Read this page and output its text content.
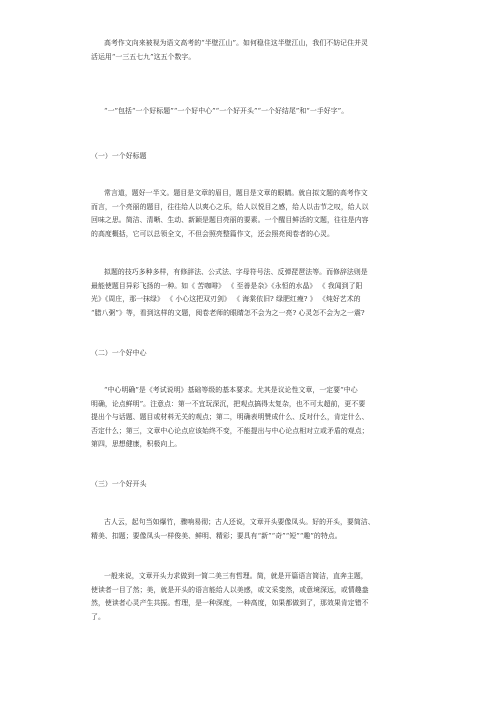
高考作文向来被视为语文高考的“半壁江山”。如何稳住这半壁江山，我们不妨记住并灵
活运用“一三五七九”这五个数字。
“一”包括“一个好标题”“一个好中心”“一个好开头”“一个好结尾”和“一手好字”。
（一）一个好标题
常言道，题好一半文。题目是文章的眉目，题目是文章的眼睛。就自拟文题的高考作文
而言，一个亮丽的题目，往往给人以爽心之乐，给人以悦目之感，给人以击节之叹，给人以
回味之思。简洁、清晰、生动、新颖是题目亮丽的要素。一个醒目鲜活的文题，往往是内容
的高度概括，它可以总领全文，不但会照亮整篇作文，还会照亮阅卷者的心灵。
拟题的技巧多种多样，有修辞法、公式法、字母符号法、反弹琵琶法等。而修辞法则是
最能使题目异彩飞扬的一种。如《 苦咖啡》 《 至善是杂》《永恒的水晶》 《 我闻到了阳
光》《周庄，那一抹绿》 《 小心这把双刃剑》 《 海棠依旧? 绿肥红瘦? 》 《炖好艺术的
“腊八粥”》等，看到这样的文题，阅卷老师的眼睛怎不会为之一亮? 心灵怎不会为之一震?
（二）一个好中心
“中心明确”是《考试说明》基础等级的基本要求。尤其是议论性文章，一定要“中心
明确，论点鲜明”。注意点：第一不宜玩深沉，把观点搞得太复杂，也不可太超前，更不要
提出个与话题、题目或材料无关的观点；第二，明确表明赞成什么、反对什么，肯定什么、
否定什么；第三，文章中心论点应该始终不变，不能提出与中心论点相对立或矛盾的观点；
第四，思想健康，积极向上。
（三）一个好开头
古人云，起句当如爆竹，骤响易彻；古人还说，文章开头要像凤头。好的开头，要简洁、
精美、扣题；要像凤头一样俊美、鲜明、精彩；要具有“新”“奇”“短”“趣”的特点。
一般来说，文章开头力求做到一简二美三有哲理。简，就是开篇语言简洁，直奔主题，
使读者一目了然；美，就是开头的语言能给人以美感，或文采斐然，或意境深远，或情趣盎
然，使读者心灵产生共振。哲理，是一种深度，一种高度，如果都做到了，那效果肯定错不
了。
